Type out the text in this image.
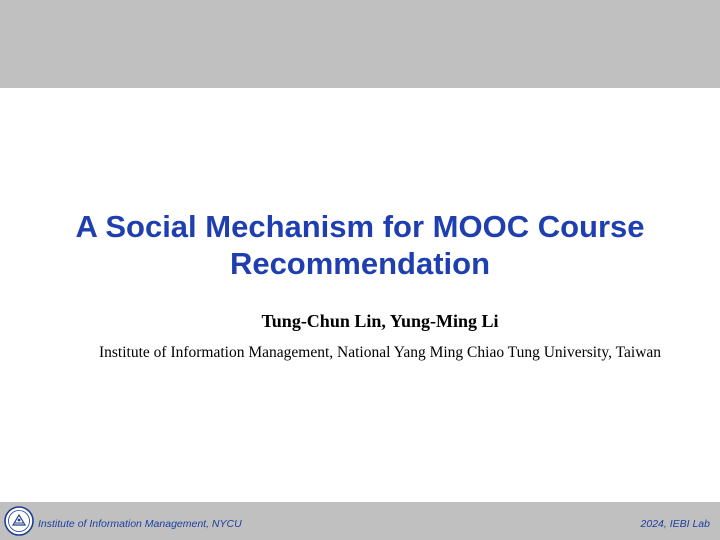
A Social Mechanism for MOOC Course Recommendation
Tung-Chun Lin, Yung-Ming Li
Institute of Information Management, National Yang Ming Chiao Tung University, Taiwan
Institute of Information Management, NYCU	2024, IEBI Lab
